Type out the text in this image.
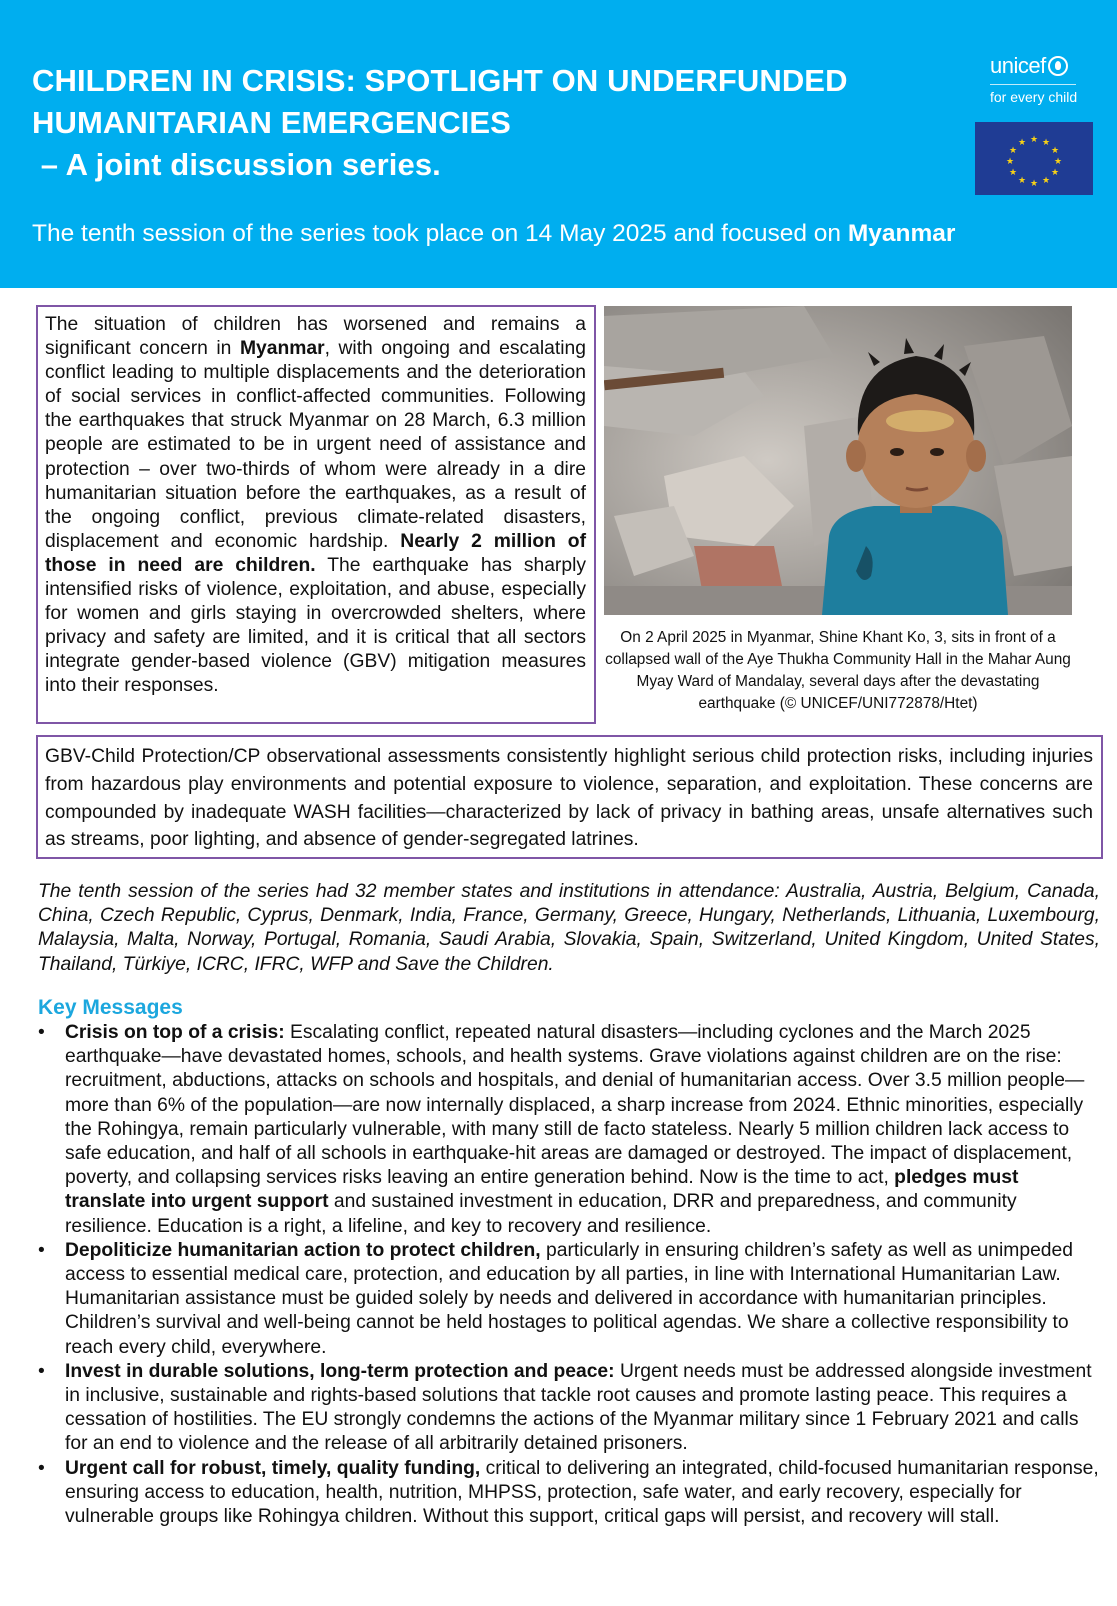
CHILDREN IN CRISIS: SPOTLIGHT ON UNDERFUNDED
HUMANITARIAN EMERGENCIES
– A joint discussion series.
The tenth session of the series took place on 14 May 2025 and focused on Myanmar
unicef
for every child
★ ★
★
★
★
★
★
★
★
★
★
★
The situation of children has worsened and remains a significant concern in Myanmar, with ongoing and escalating conflict leading to multiple displacements and the deterioration of social services in conflict-affected communities. Following the earthquakes that struck Myanmar on 28 March, 6.3 million people are estimated to be in urgent need of assistance and protection – over two-thirds of whom were already in a dire humanitarian situation before the earthquakes, as a result of the ongoing conflict, previous climate-related disasters, displacement and economic hardship. Nearly 2 million of those in need are children. The earthquake has sharply intensified risks of violence, exploitation, and abuse, especially for women and girls staying in overcrowded shelters, where privacy and safety are limited, and it is critical that all sectors integrate gender-based violence (GBV) mitigation measures into their responses.
On 2 April 2025 in Myanmar, Shine Khant Ko, 3, sits in front of a collapsed wall of the Aye Thukha Community Hall in the Mahar Aung Myay Ward of Mandalay, several days after the devastating earthquake (© UNICEF/UNI772878/Htet)
GBV-Child Protection/CP observational assessments consistently highlight serious child protection risks, including injuries from hazardous play environments and potential exposure to violence, separation, and exploitation. These concerns are compounded by inadequate WASH facilities—characterized by lack of privacy in bathing areas, unsafe alternatives such as streams, poor lighting, and absence of gender-segregated latrines.

The tenth session of the series had 32 member states and institutions in attendance: Australia, Austria, Belgium, Canada, China, Czech Republic, Cyprus, Denmark, India, France, Germany, Greece, Hungary, Netherlands, Lithuania, Luxembourg, Malaysia, Malta, Norway, Portugal, Romania, Saudi Arabia, Slovakia, Spain, Switzerland, United Kingdom, United States, Thailand, Türkiye, ICRC, IFRC, WFP and Save the Children.

Key Messages
•	Crisis on top of a crisis: Escalating conflict, repeated natural disasters—including cyclones and the March 2025 earthquake—have devastated homes, schools, and health systems. Grave violations against children are on the rise: recruitment, abductions, attacks on schools and hospitals, and denial of humanitarian access. Over 3.5 million people—more than 6% of the population—are now internally displaced, a sharp increase from 2024. Ethnic minorities, especially the Rohingya, remain particularly vulnerable, with many still de facto stateless. Nearly 5 million children lack access to safe education, and half of all schools in earthquake-hit areas are damaged or destroyed. The impact of displacement, poverty, and collapsing services risks leaving an entire generation behind. Now is the time to act, pledges must translate into urgent support and sustained investment in education, DRR and preparedness, and community resilience. Education is a right, a lifeline, and key to recovery and resilience.
•	Depoliticize humanitarian action to protect children, particularly in ensuring children’s safety as well as unimpeded access to essential medical care, protection, and education by all parties, in line with International Humanitarian Law. Humanitarian assistance must be guided solely by needs and delivered in accordance with humanitarian principles. Children’s survival and well-being cannot be held hostages to political agendas. We share a collective responsibility to reach every child, everywhere.
•	Invest in durable solutions, long-term protection and peace: Urgent needs must be addressed alongside investment in inclusive, sustainable and rights-based solutions that tackle root causes and promote lasting peace. This requires a cessation of hostilities. The EU strongly condemns the actions of the Myanmar military since 1 February 2021 and calls for an end to violence and the release of all arbitrarily detained prisoners.
•	Urgent call for robust, timely, quality funding, critical to delivering an integrated, child-focused humanitarian response, ensuring access to education, health, nutrition, MHPSS, protection, safe water, and early recovery, especially for vulnerable groups like Rohingya children. Without this support, critical gaps will persist, and recovery will stall.
